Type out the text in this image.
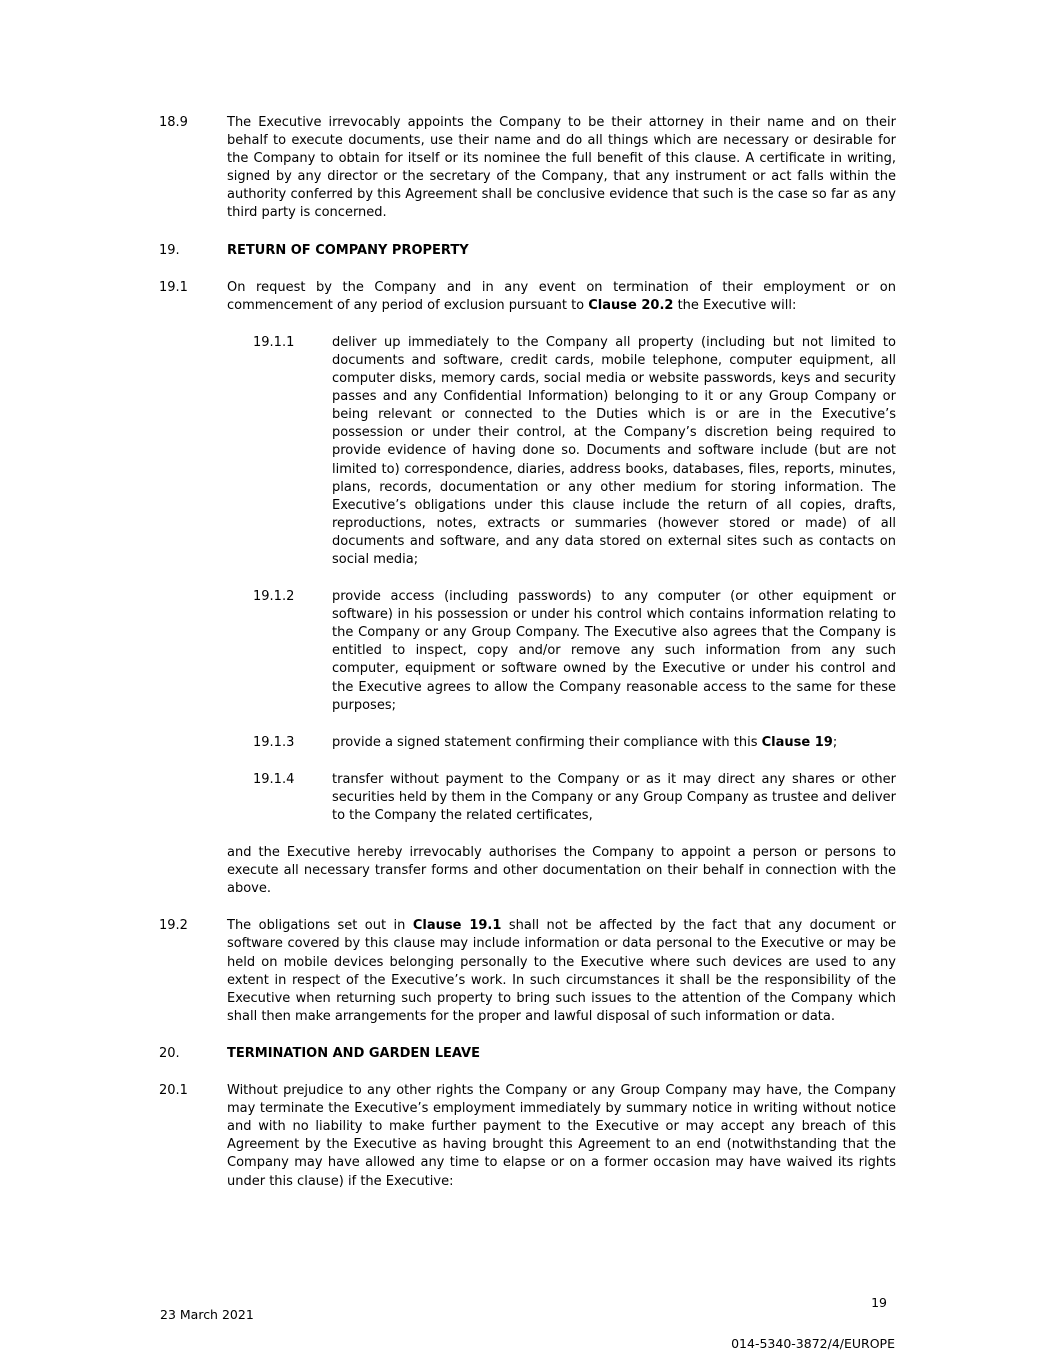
18.9	The Executive irrevocably appoints the Company to be their attorney in their name and on their behalf to execute documents, use their name and do all things which are necessary or desirable for the Company to obtain for itself or its nominee the full benefit of this clause. A certificate in writing, signed by any director or the secretary of the Company, that any instrument or act falls within the authority conferred by this Agreement shall be conclusive evidence that such is the case so far as any third party is concerned.
19.	RETURN OF COMPANY PROPERTY
19.1	On request by the Company and in any event on termination of their employment or on commencement of any period of exclusion pursuant to Clause 20.2 the Executive will:
19.1.1	deliver up immediately to the Company all property (including but not limited to documents and software, credit cards, mobile telephone, computer equipment, all computer disks, memory cards, social media or website passwords, keys and security passes and any Confidential Information) belonging to it or any Group Company or being relevant or connected to the Duties which is or are in the Executive’s possession or under their control, at the Company’s discretion being required to provide evidence of having done so. Documents and software include (but are not limited to) correspondence, diaries, address books, databases, files, reports, minutes, plans, records, documentation or any other medium for storing information. The Executive’s obligations under this clause include the return of all copies, drafts, reproductions, notes, extracts or summaries (however stored or made) of all documents and software, and any data stored on external sites such as contacts on social media;
19.1.2	provide access (including passwords) to any computer (or other equipment or software) in his possession or under his control which contains information relating to the Company or any Group Company. The Executive also agrees that the Company is entitled to inspect, copy and/or remove any such information from any such computer, equipment or software owned by the Executive or under his control and the Executive agrees to allow the Company reasonable access to the same for these purposes;
19.1.3	provide a signed statement confirming their compliance with this Clause 19;
19.1.4	transfer without payment to the Company or as it may direct any shares or other securities held by them in the Company or any Group Company as trustee and deliver to the Company the related certificates,
and the Executive hereby irrevocably authorises the Company to appoint a person or persons to execute all necessary transfer forms and other documentation on their behalf in connection with the above.
19.2	The obligations set out in Clause 19.1 shall not be affected by the fact that any document or software covered by this clause may include information or data personal to the Executive or may be held on mobile devices belonging personally to the Executive where such devices are used to any extent in respect of the Executive’s work. In such circumstances it shall be the responsibility of the Executive when returning such property to bring such issues to the attention of the Company which shall then make arrangements for the proper and lawful disposal of such information or data.
20.	TERMINATION AND GARDEN LEAVE
20.1	Without prejudice to any other rights the Company or any Group Company may have, the Company may terminate the Executive’s employment immediately by summary notice in writing without notice and with no liability to make further payment to the Executive or may accept any breach of this Agreement by the Executive as having brought this Agreement to an end (notwithstanding that the Company may have allowed any time to elapse or on a former occasion may have waived its rights under this clause) if the Executive:
23 March 2021
19
014-5340-3872/4/EUROPE
